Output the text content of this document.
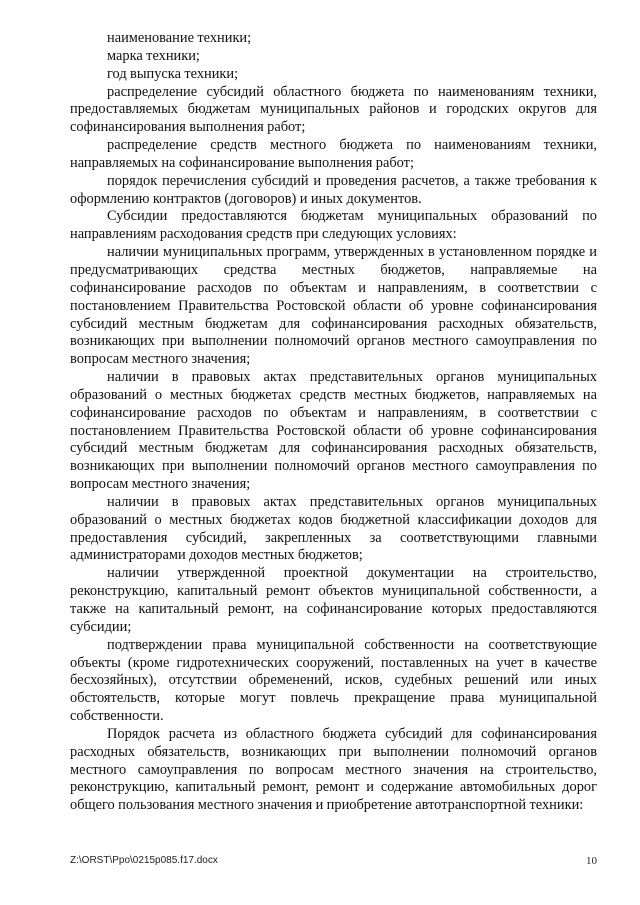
наименование техники;

марка техники;

год выпуска техники;

распределение субсидий областного бюджета по наименованиям техники, предоставляемых бюджетам муниципальных районов и городских округов для софинансирования выполнения работ;

распределение средств местного бюджета по наименованиям техники, направляемых на софинансирование выполнения работ;

порядок перечисления субсидий и проведения расчетов, а также требования к оформлению контрактов (договоров) и иных документов.

Субсидии предоставляются бюджетам муниципальных образований по направлениям расходования средств при следующих условиях:

наличии муниципальных программ, утвержденных в установленном порядке и предусматривающих средства местных бюджетов, направляемые на софинансирование расходов по объектам и направлениям, в соответствии с постановлением Правительства Ростовской области об уровне софинансирования субсидий местным бюджетам для софинансирования расходных обязательств, возникающих при выполнении полномочий органов местного самоуправления по вопросам местного значения;

наличии в правовых актах представительных органов муниципальных образований о местных бюджетах средств местных бюджетов, направляемых на софинансирование расходов по объектам и направлениям, в соответствии с постановлением Правительства Ростовской области об уровне софинансирования субсидий местным бюджетам для софинансирования расходных обязательств, возникающих при выполнении полномочий органов местного самоуправления по вопросам местного значения;

наличии в правовых актах представительных органов муниципальных образований о местных бюджетах кодов бюджетной классификации доходов для предоставления субсидий, закрепленных за соответствующими главными администраторами доходов местных бюджетов;

наличии утвержденной проектной документации на строительство, реконструкцию, капитальный ремонт объектов муниципальной собственности, а также на капитальный ремонт, на софинансирование которых предоставляются субсидии;

подтверждении права муниципальной собственности на соответствующие объекты (кроме гидротехнических сооружений, поставленных на учет в качестве бесхозяйных), отсутствии обременений, исков, судебных решений или иных обстоятельств, которые могут повлечь прекращение права муниципальной собственности.

Порядок расчета из областного бюджета субсидий для софинансирования расходных обязательств, возникающих при выполнении полномочий органов местного самоуправления по вопросам местного значения на строительство, реконструкцию, капитальный ремонт, ремонт и содержание автомобильных дорог общего пользования местного значения и приобретение автотранспортной техники:

Z:\ORST\Ppo\0215p085.f17.docx	10
